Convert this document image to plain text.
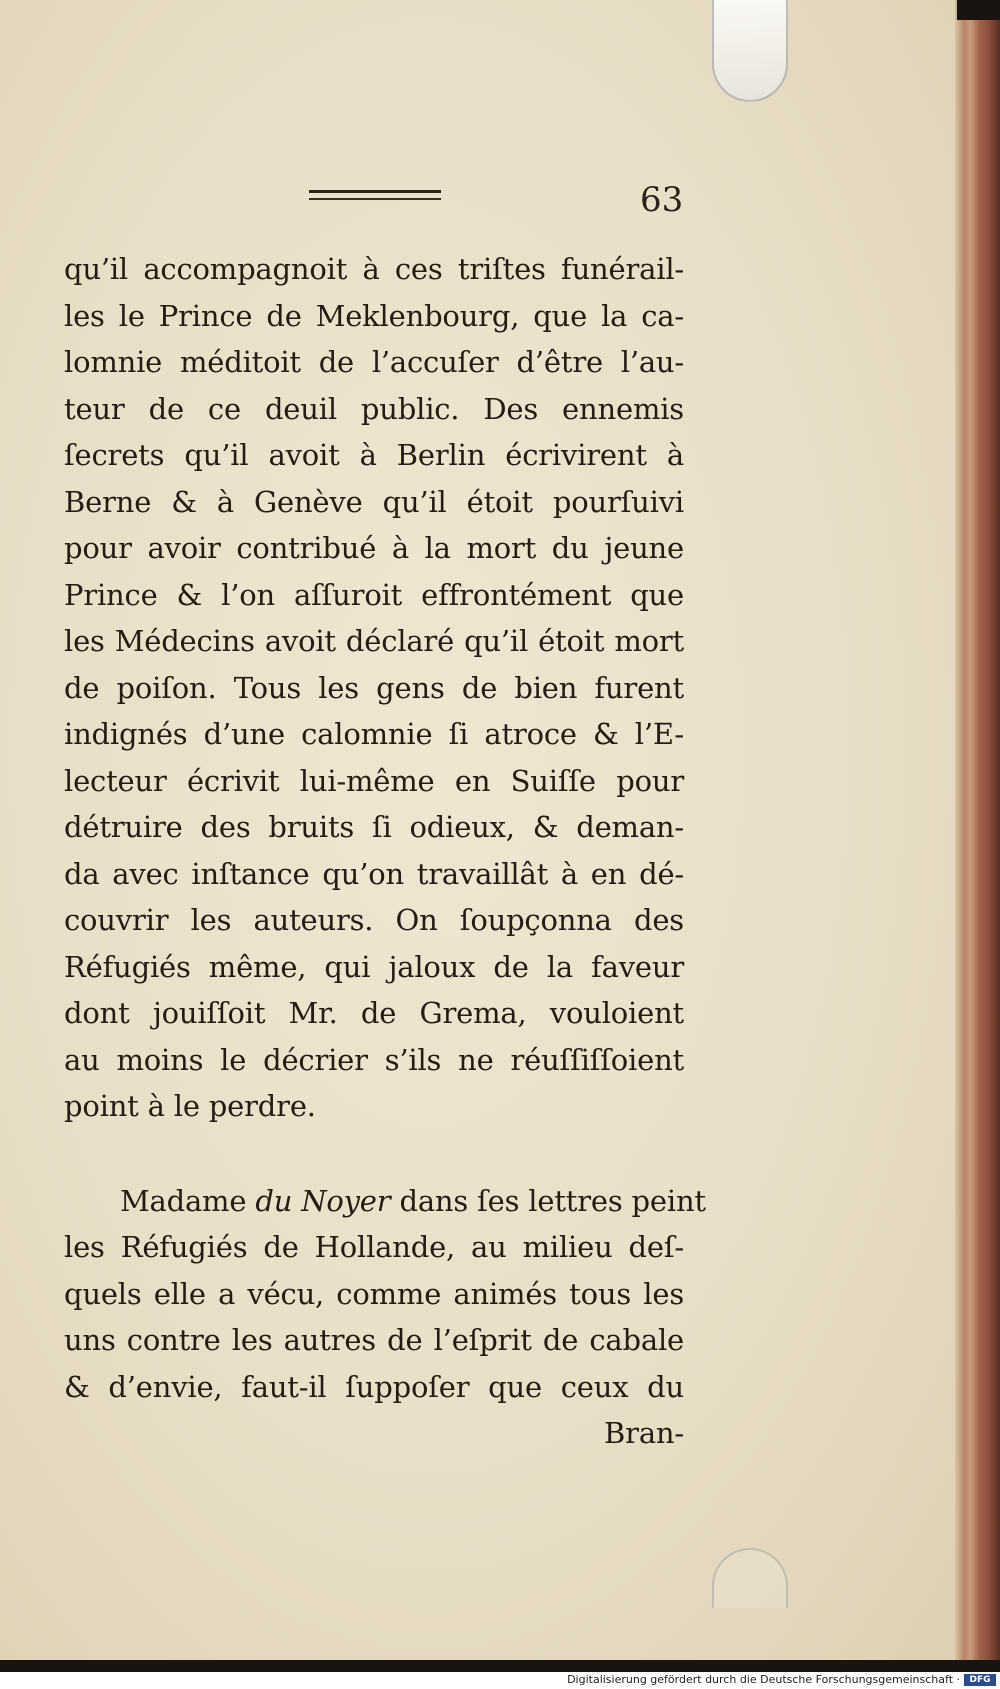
63
qu’il accompagnoit à ces triſtes funérail-
les le Prince de Meklenbourg, que la ca-
lomnie méditoit de l’accuſer d’être l’au-
teur de ce deuil public. Des ennemis
ſecrets qu’il avoit à Berlin écrivirent à
Berne & à Genève qu’il étoit pourſuivi
pour avoir contribué à la mort du jeune
Prince & l’on aſſuroit effrontément que
les Médecins avoit déclaré qu’il étoit mort
de poiſon. Tous les gens de bien furent
indignés d’une calomnie ſi atroce & l’E-
lecteur écrivit lui-même en Suiſſe pour
détruire des bruits ſi odieux, & deman-
da avec inſtance qu’on travaillât à en dé-
couvrir les auteurs. On ſoupçonna des
Réfugiés même, qui jaloux de la faveur
dont jouiſſoit Mr. de Grema, vouloient
au moins le décrier s’ils ne réuſſiſſoient
point à le perdre.
Madame du Noyer dans ſes lettres peint
les Réfugiés de Hollande, au milieu deſ-
quels elle a vécu, comme animés tous les
uns contre les autres de l’eſprit de cabale
& d’envie, faut-il ſuppoſer que ceux du
Bran-
Digitalisierung gefördert durch die Deutsche Forschungsgemeinschaft ·	DFG
